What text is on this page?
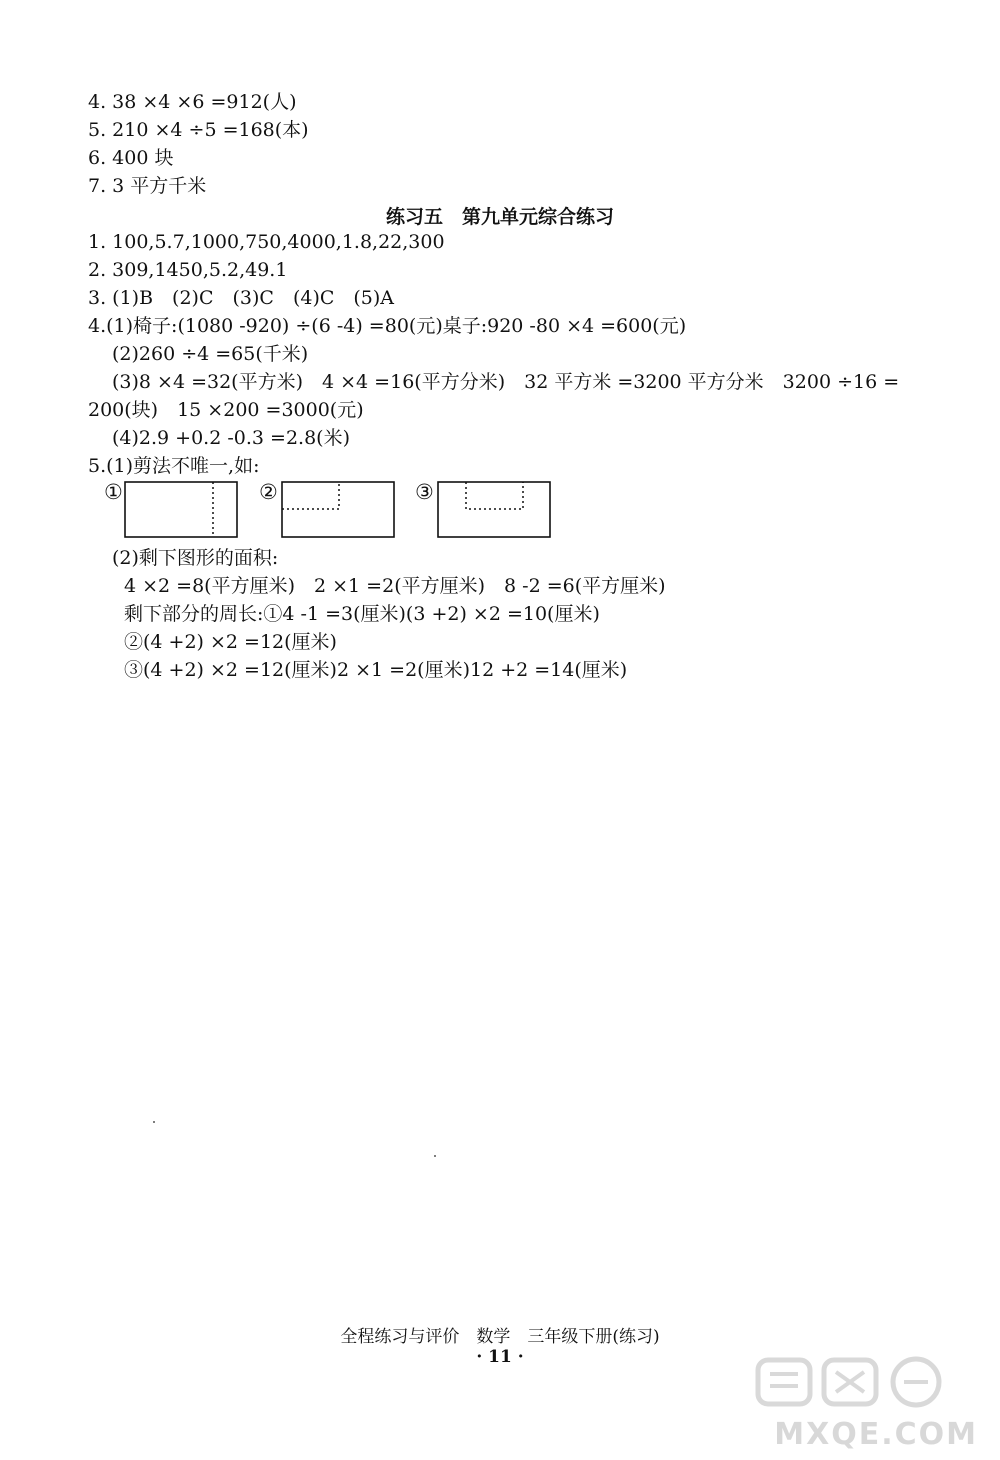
4. 38 ×4 ×6 =912(人)
5. 210 ×4 ÷5 =168(本)
6. 400 块
7. 3 平方千米
练习五　第九单元综合练习
1. 100,5.7,1000,750,4000,1.8,22,300
2. 309,1450,5.2,49.1
3. (1)B　(2)C　(3)C　(4)C　(5)A
4.(1)椅子:(1080 -920) ÷(6 -4) =80(元)桌子:920 -80 ×4 =600(元)
(2)260 ÷4 =65(千米)
(3)8 ×4 =32(平方米)　4 ×4 =16(平方分米)　32 平方米 =3200 平方分米　3200 ÷16 =
200(块)　15 ×200 =3000(元)
(4)2.9 +0.2 -0.3 =2.8(米)
5.(1)剪法不唯一,如:
①	②	③
(2)剩下图形的面积:
4 ×2 =8(平方厘米)　2 ×1 =2(平方厘米)　8 -2 =6(平方厘米)
剩下部分的周长:①4 -1 =3(厘米)(3 +2) ×2 =10(厘米)
②(4 +2) ×2 =12(厘米)
③(4 +2) ×2 =12(厘米)2 ×1 =2(厘米)12 +2 =14(厘米)
全程练习与评价　数学　三年级下册(练习)
· 11 ·
MXQE.COM
